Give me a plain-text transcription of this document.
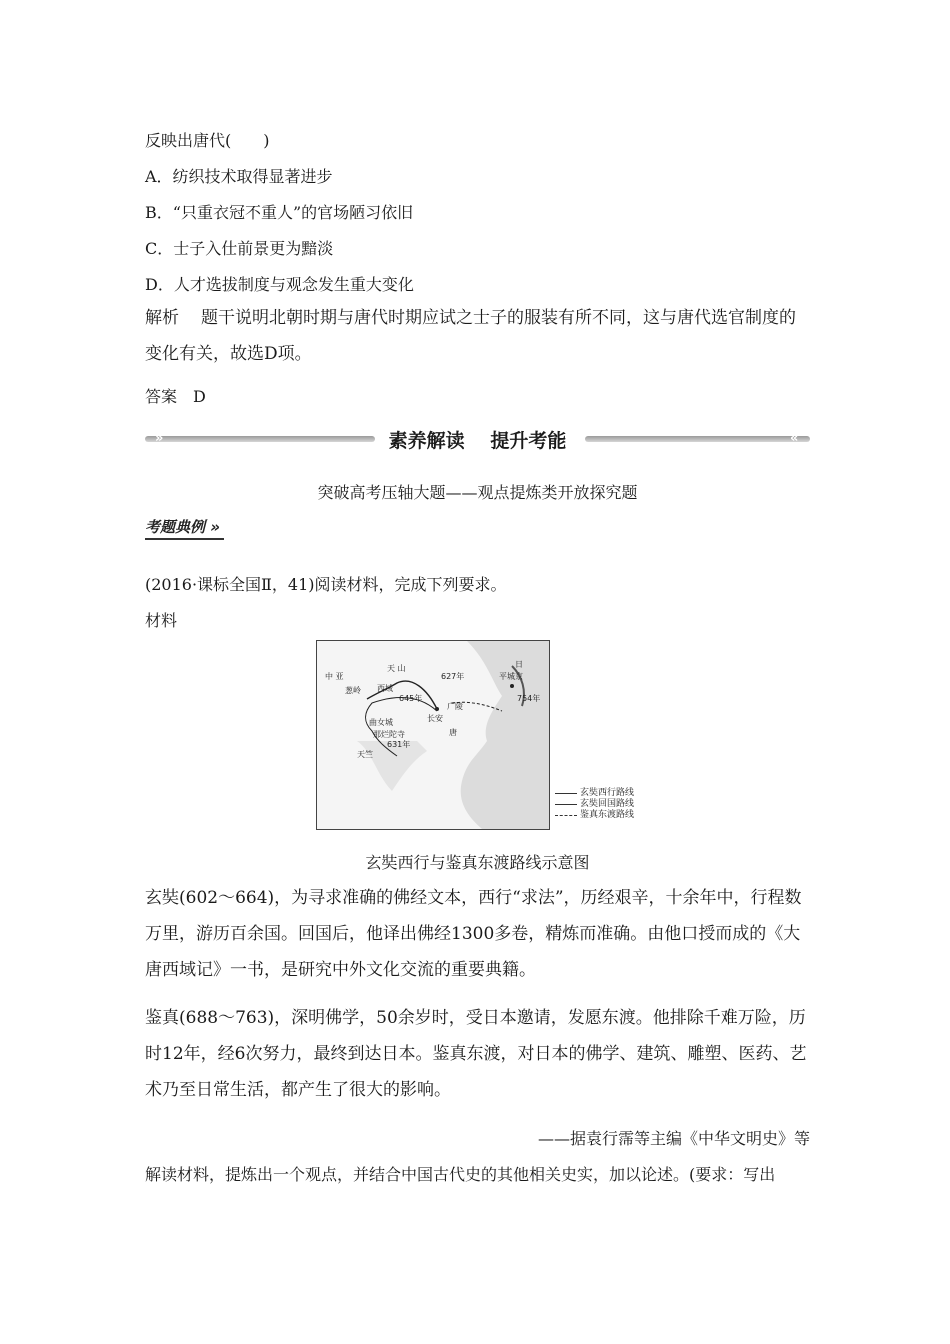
反映出唐代(　　)
A．纺织技术取得显著进步
B．“只重衣冠不重人”的官场陋习依旧
C．士子入仕前景更为黯淡
D．人才选拔制度与观念发生重大变化
解析 题干说明北朝时期与唐代时期应试之士子的服装有所不同，这与唐代选官制度的变化有关，故选D项。
答案 D
»	«
素养解读　 提升考能
突破高考压轴大题——观点提炼类开放探究题
考题典例 »
(2016·课标全国Ⅱ，41)阅读材料，完成下列要求。
材料
中 亚
天 山
葱岭 西域
645年
627年
长安
唐
广陵
日
平城京
754年
曲女城
那烂陀寺
631年
天竺
玄奘西行路线
玄奘回国路线
鉴真东渡路线
玄奘西行与鉴真东渡路线示意图
玄奘(602～664)，为寻求准确的佛经文本，西行“求法”，历经艰辛，十余年中，行程数万里，游历百余国。回国后，他译出佛经1300多卷，精炼而准确。由他口授而成的《大唐西域记》一书，是研究中外文化交流的重要典籍。
鉴真(688～763)，深明佛学，50余岁时，受日本邀请，发愿东渡。他排除千难万险，历时12年，经6次努力，最终到达日本。鉴真东渡，对日本的佛学、建筑、雕塑、医药、艺术乃至日常生活，都产生了很大的影响。
——据袁行霈等主编《中华文明史》等
解读材料，提炼出一个观点，并结合中国古代史的其他相关史实，加以论述。(要求：写出
